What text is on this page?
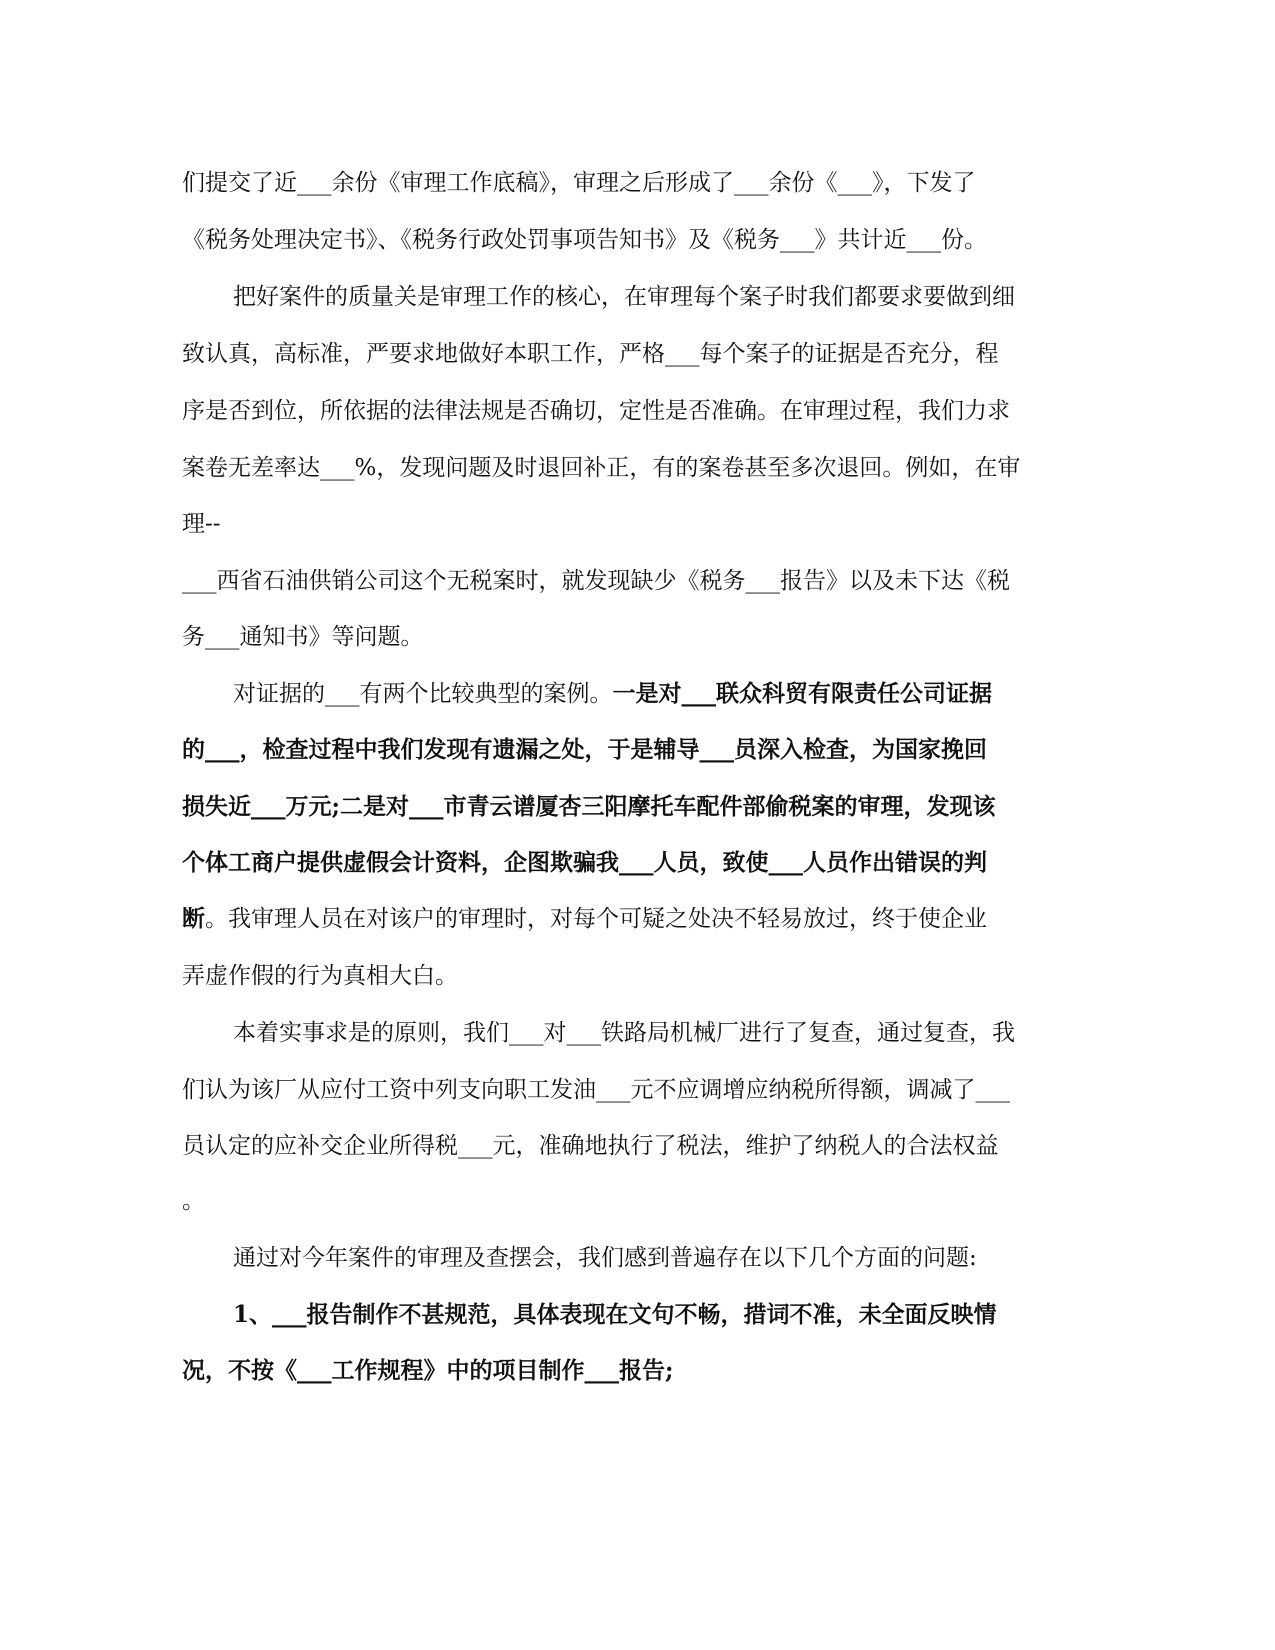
们提交了近___余份《审理工作底稿》，审理之后形成了___余份《___》，下发了
《税务处理决定书》、《税务行政处罚事项告知书》及《税务___》共计近___份。
把好案件的质量关是审理工作的核心，在审理每个案子时我们都要求要做到细
致认真，高标准，严要求地做好本职工作，严格___每个案子的证据是否充分，程
序是否到位，所依据的法律法规是否确切，定性是否准确。在审理过程，我们力求
案卷无差率达___%，发现问题及时退回补正，有的案卷甚至多次退回。例如，在审
理--
___西省石油供销公司这个无税案时，就发现缺少《税务___报告》以及未下达《税
务___通知书》等问题。
对证据的___有两个比较典型的案例。一是对___联众科贸有限责任公司证据
的___，检查过程中我们发现有遗漏之处，于是辅导___员深入检查，为国家挽回
损失近___万元;二是对___市青云谱厦杏三阳摩托车配件部偷税案的审理，发现该
个体工商户提供虚假会计资料，企图欺骗我___人员，致使___人员作出错误的判
断。我审理人员在对该户的审理时，对每个可疑之处决不轻易放过，终于使企业
弄虚作假的行为真相大白。
本着实事求是的原则，我们___对___铁路局机械厂进行了复查，通过复查，我
们认为该厂从应付工资中列支向职工发油___元不应调增应纳税所得额，调减了___
员认定的应补交企业所得税___元，准确地执行了税法，维护了纳税人的合法权益
。
通过对今年案件的审理及查摆会，我们感到普遍存在以下几个方面的问题:
1、___报告制作不甚规范，具体表现在文句不畅，措词不准，未全面反映情
况，不按《___工作规程》中的项目制作___报告;
